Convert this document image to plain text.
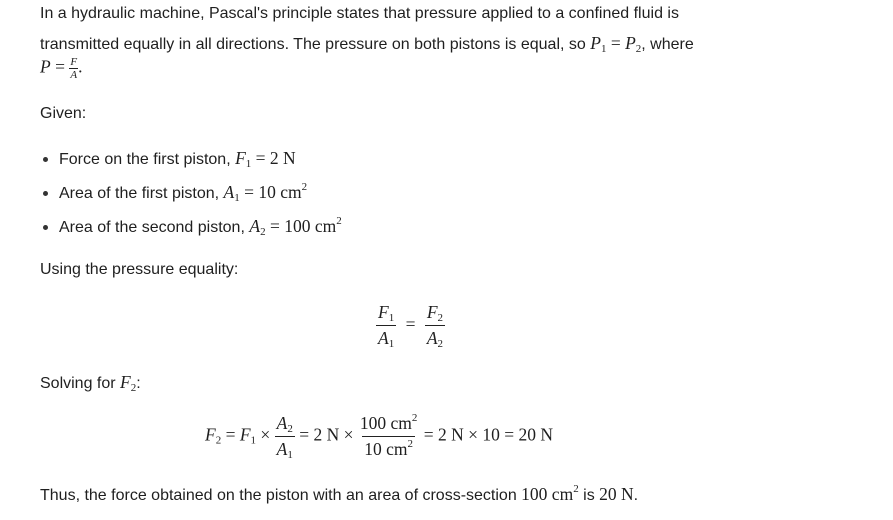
In a hydraulic machine, Pascal's principle states that pressure applied to a confined fluid is
transmitted equally in all directions. The pressure on both pistons is equal, so $P_1 = P_2$, where
$P = \frac{F}{A}$ .
Given:
Force on the first piston, $F_1 = 2$ N
Area of the first piston, $A_1 = 10$ $cm^2$
Area of the second piston, $A_2 = 100$ $cm^2$
Using the pressure equality:
$\frac{F_1}{A_1} = \frac{F_2}{A_2}$
Solving for $F_2$:
$F_2 = F_1 \times \frac{A_2}{A_1} = 2$ $N \times \frac{100 cm^2}{10 cm^2} = 2$ N × 10 = 20 N
Thus, the force obtained on the piston with an area of cross-section 100 $cm^2$ is 20 N.
